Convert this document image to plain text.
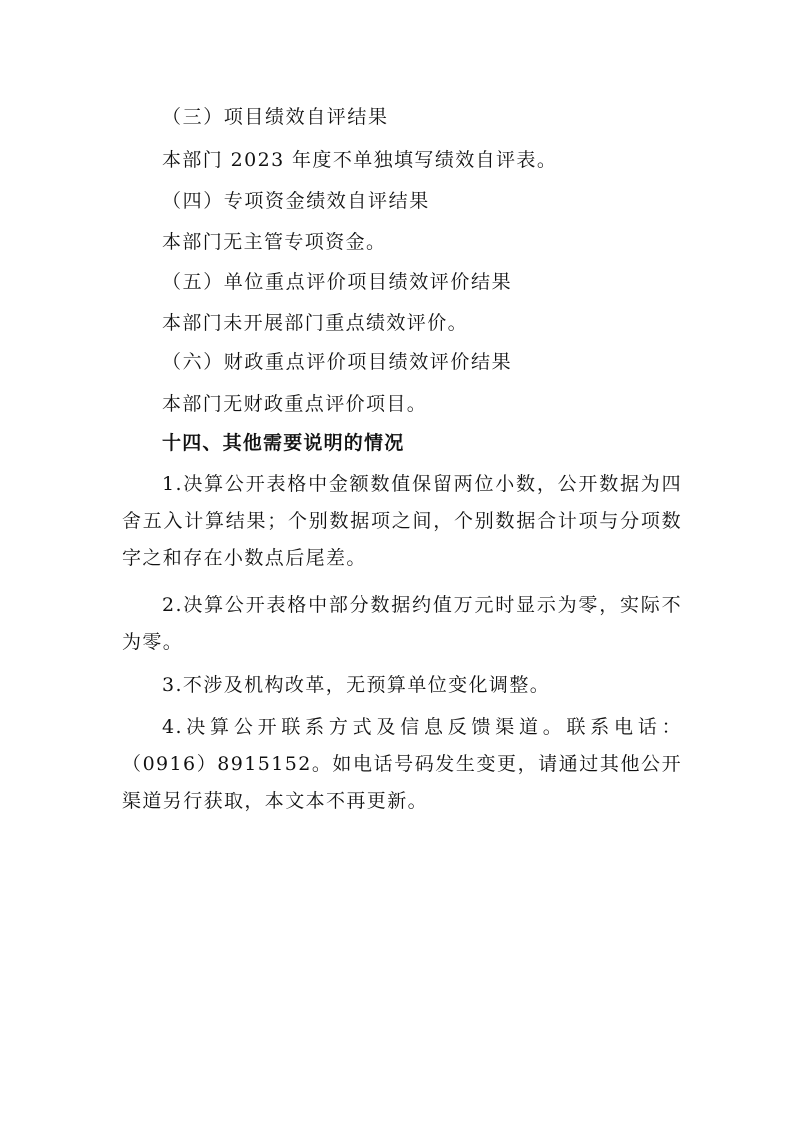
（三）项目绩效自评结果
本部门 2023 年度不单独填写绩效自评表。
（四）专项资金绩效自评结果
本部门无主管专项资金。
（五）单位重点评价项目绩效评价结果
本部门未开展部门重点绩效评价。
（六）财政重点评价项目绩效评价结果
本部门无财政重点评价项目。
十四、其他需要说明的情况
1.决算公开表格中金额数值保留两位小数，公开数据为四舍五入计算结果；个别数据项之间，个别数据合计项与分项数字之和存在小数点后尾差。
2.决算公开表格中部分数据约值万元时显示为零，实际不为零。
3.不涉及机构改革，无预算单位变化调整。
4.决算公开联系方式及信息反馈渠道。联系电话：（0916）8915152。如电话号码发生变更，请通过其他公开渠道另行获取，本文本不再更新。
